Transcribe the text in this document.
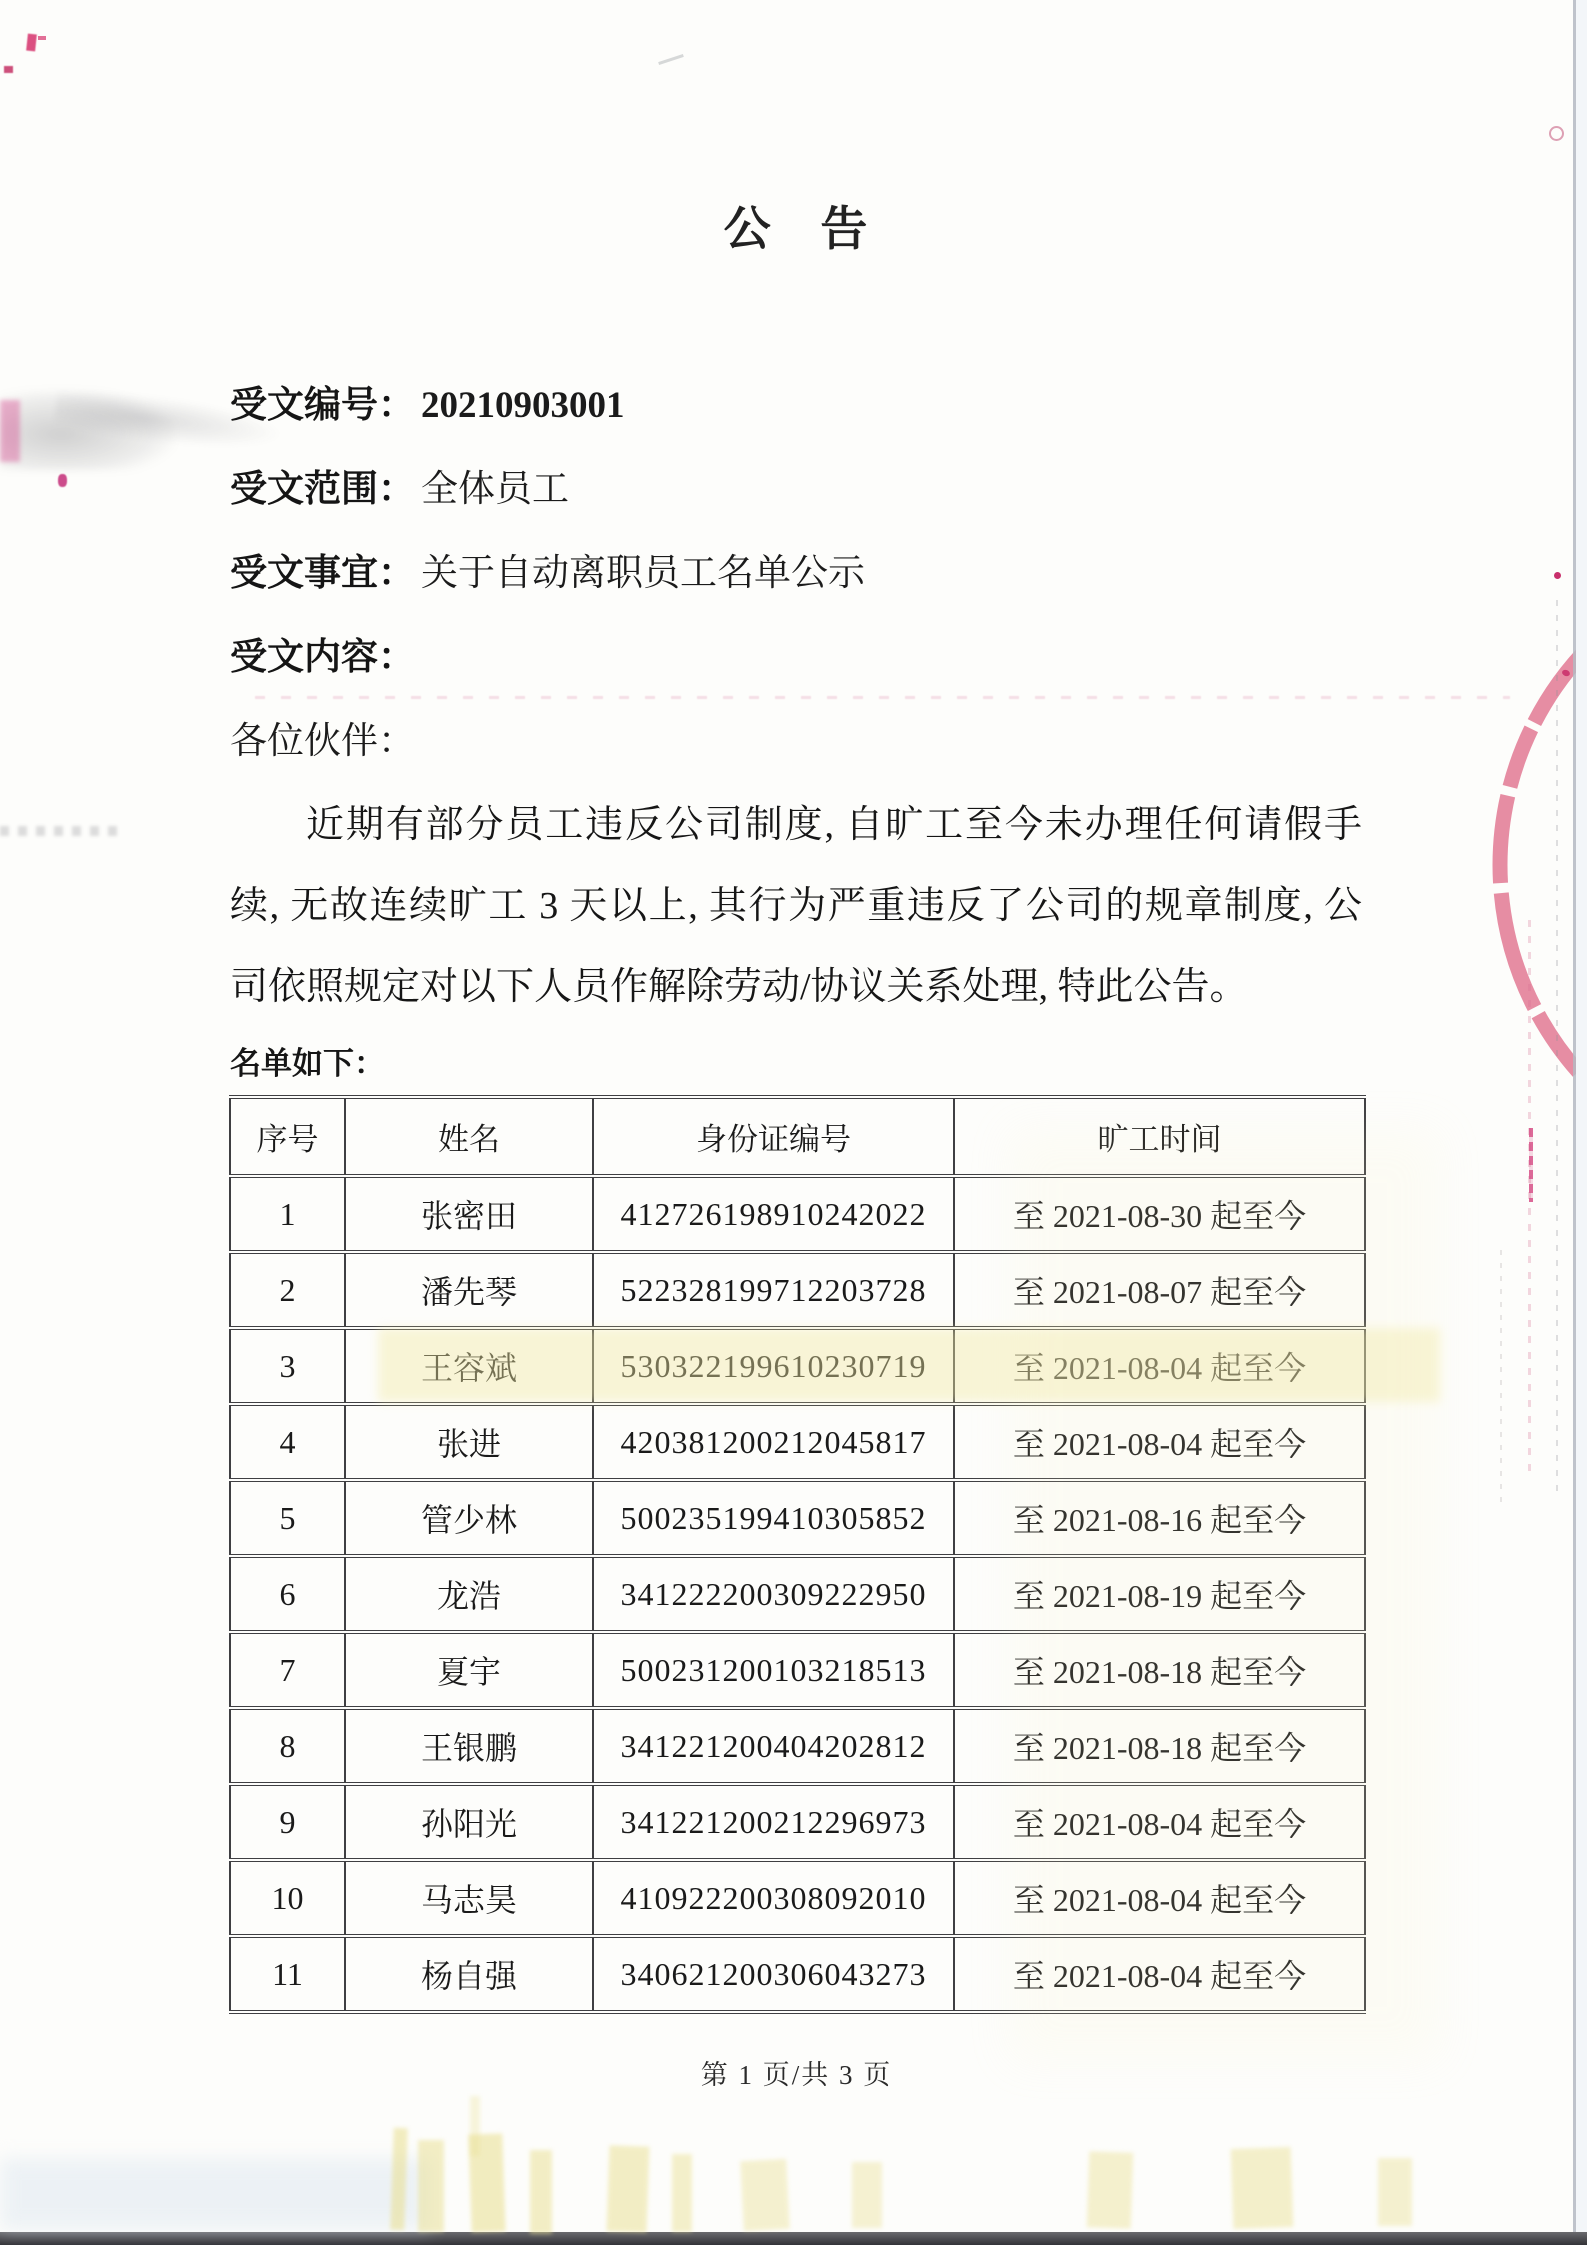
公 告
受文编号： 20210903001
受文范围： 全体员工
受文事宜： 关于自动离职员工名单公示
受文内容：
各位伙伴：
近期有部分员工违反公司制度, 自旷工至今未办理任何请假手
续, 无故连续旷工 3 天以上, 其行为严重违反了公司的规章制度, 公
司依照规定对以下人员作解除劳动/协议关系处理, 特此公告。
名单如下：
序号	姓名	身份证编号	旷工时间
1	张密田	412726198910242022	至 2021-08-30 起至今
2	潘先琴	522328199712203728	至 2021-08-07 起至今
3	王容斌	530322199610230719	至 2021-08-04 起至今
4	张进	420381200212045817	至 2021-08-04 起至今
5	管少林	500235199410305852	至 2021-08-16 起至今
6	龙浩	341222200309222950	至 2021-08-19 起至今
7	夏宇	500231200103218513	至 2021-08-18 起至今
8	王银鹏	341221200404202812	至 2021-08-18 起至今
9	孙阳光	341221200212296973	至 2021-08-04 起至今
10	马志昊	410922200308092010	至 2021-08-04 起至今
11	杨自强	340621200306043273	至 2021-08-04 起至今
第 1 页/共 3 页
